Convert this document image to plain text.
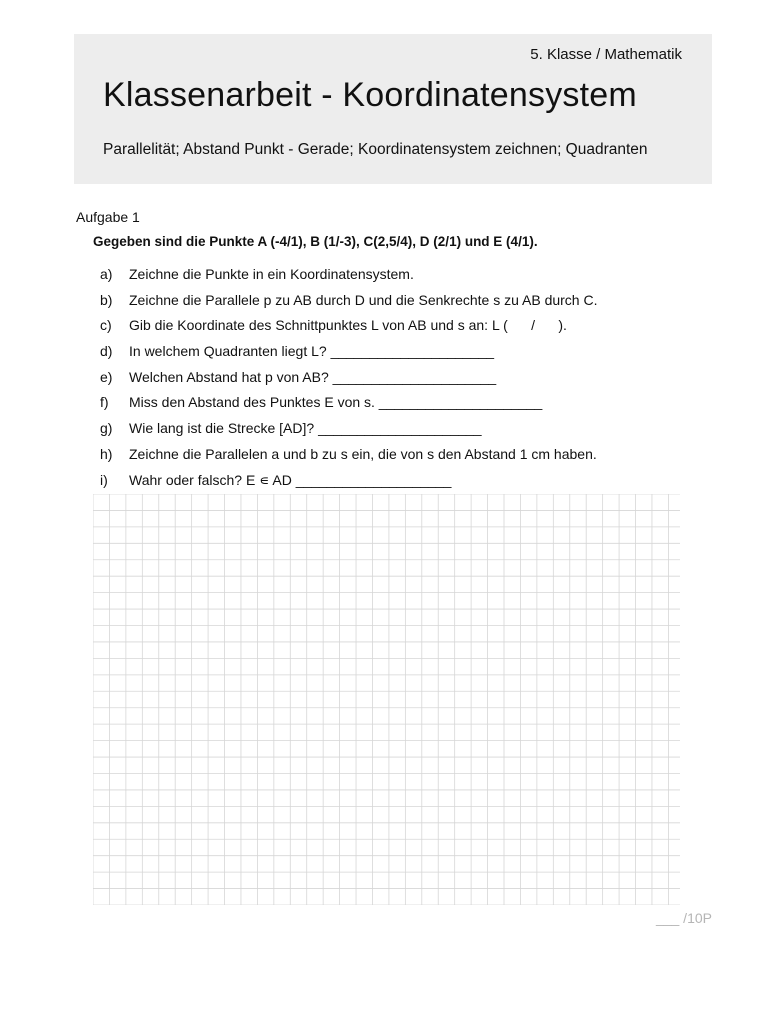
5. Klasse / Mathematik
Klassenarbeit - Koordinatensystem
Parallelität; Abstand Punkt - Gerade; Koordinatensystem zeichnen; Quadranten
Aufgabe 1
Gegeben sind die Punkte A (-4/1), B (1/-3), C(2,5/4), D (2/1) und E (4/1).
a)	Zeichne die Punkte in ein Koordinatensystem.
b)	Zeichne die Parallele p zu AB durch D und die Senkrechte s zu AB durch C.
c)	Gib die Koordinate des Schnittpunktes L von AB und s an: L (      /      ).
d)	In welchem Quadranten liegt L? _____________________
e)	Welchen Abstand hat p von AB? _____________________
f)	Miss den Abstand des Punktes E von s. _____________________
g)	Wie lang ist die Strecke [AD]? _____________________
h)	Zeichne die Parallelen a und b zu s ein, die von s den Abstand 1 cm haben.
i)	Wahr oder falsch? E ∊ AD ____________________
___ /10P
